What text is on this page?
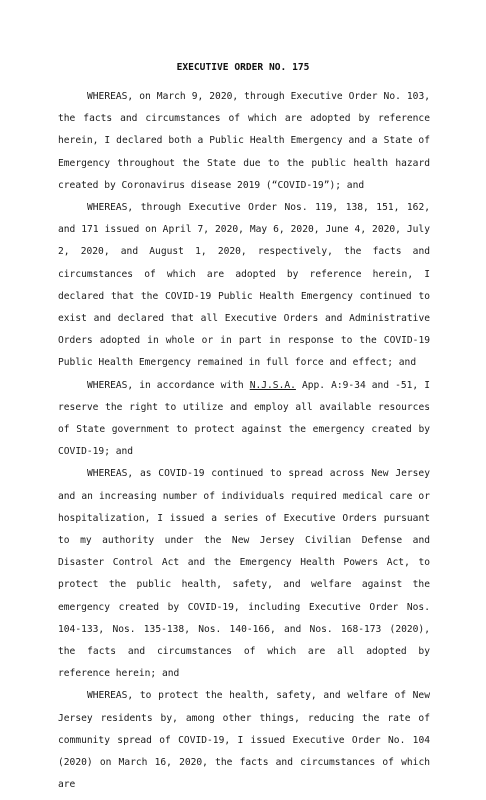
EXECUTIVE ORDER NO. 175

WHEREAS, on March 9, 2020, through Executive Order No. 103, the facts and circumstances of which are adopted by reference herein, I declared both a Public Health Emergency and a State of Emergency throughout the State due to the public health hazard created by Coronavirus disease 2019 (“COVID-19”); and

WHEREAS, through Executive Order Nos. 119, 138, 151, 162, and 171 issued on April 7, 2020, May 6, 2020, June 4, 2020, July 2, 2020, and August 1, 2020, respectively, the facts and circumstances of which are adopted by reference herein, I declared that the COVID-19 Public Health Emergency continued to exist and declared that all Executive Orders and Administrative Orders adopted in whole or in part in response to the COVID-19 Public Health Emergency remained in full force and effect; and

WHEREAS, in accordance with N.J.S.A. App. A:9-34 and -51, I reserve the right to utilize and employ all available resources of State government to protect against the emergency created by COVID-19; and

WHEREAS, as COVID-19 continued to spread across New Jersey and an increasing number of individuals required medical care or hospitalization, I issued a series of Executive Orders pursuant to my authority under the New Jersey Civilian Defense and Disaster Control Act and the Emergency Health Powers Act, to protect the public health, safety, and welfare against the emergency created by COVID-19, including Executive Order Nos. 104-133, Nos. 135-138, Nos. 140-166, and Nos. 168-173 (2020), the facts and circumstances of which are all adopted by reference herein; and

WHEREAS, to protect the health, safety, and welfare of New Jersey residents by, among other things, reducing the rate of community spread of COVID-19, I issued Executive Order No. 104 (2020) on March 16, 2020, the facts and circumstances of which are
